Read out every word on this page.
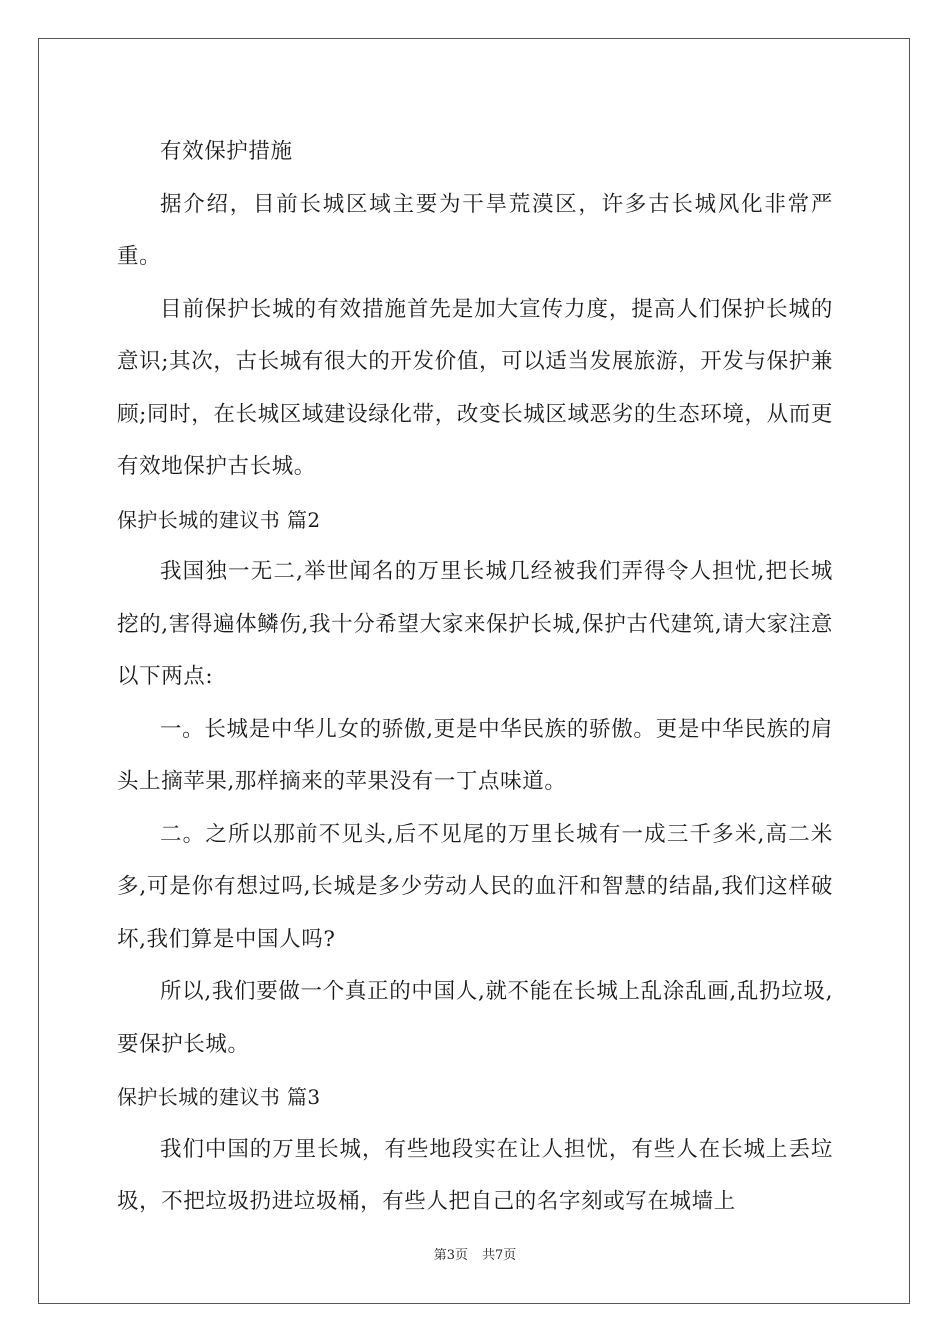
有效保护措施

据介绍，目前长城区域主要为干旱荒漠区，许多古长城风化非常严重。

目前保护长城的有效措施首先是加大宣传力度，提高人们保护长城的意识;其次，古长城有很大的开发价值，可以适当发展旅游，开发与保护兼顾;同时，在长城区域建设绿化带，改变长城区域恶劣的生态环境，从而更有效地保护古长城。

保护长城的建议书 篇2

我国独一无二,举世闻名的万里长城几经被我们弄得令人担忧,把长城挖的,害得遍体鳞伤,我十分希望大家来保护长城,保护古代建筑,请大家注意以下两点:

一。长城是中华儿女的骄傲,更是中华民族的骄傲。更是中华民族的肩头上摘苹果,那样摘来的苹果没有一丁点味道。

二。之所以那前不见头,后不见尾的万里长城有一成三千多米,高二米多,可是你有想过吗,长城是多少劳动人民的血汗和智慧的结晶,我们这样破坏,我们算是中国人吗?

所以,我们要做一个真正的中国人,就不能在长城上乱涂乱画,乱扔垃圾,要保护长城。

保护长城的建议书 篇3

我们中国的万里长城，有些地段实在让人担忧，有些人在长城上丢垃圾，不把垃圾扔进垃圾桶，有些人把自己的名字刻或写在城墙上

第3页 共7页
